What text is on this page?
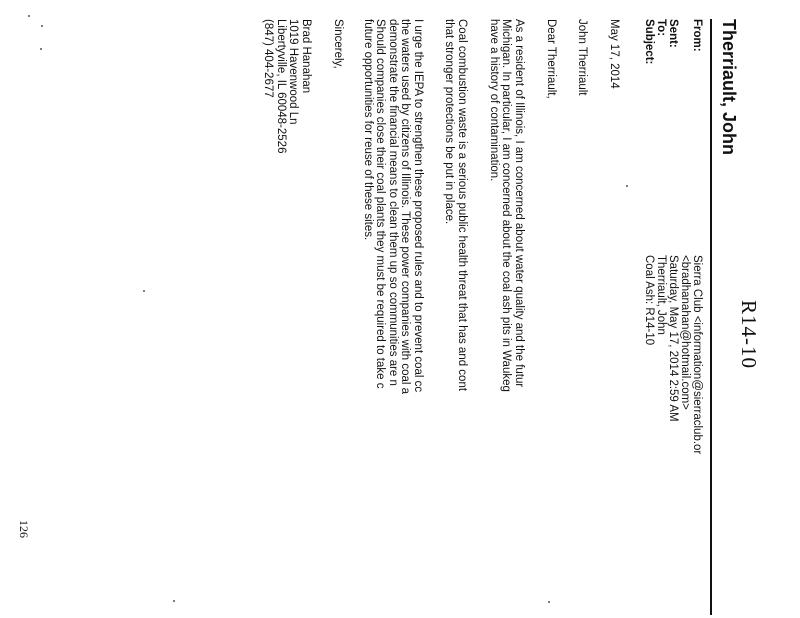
R14-10
Therriault, John
From:
Sierra Club <information@sierraclub.or
<bradhanahan@hotmail.com>
Sent:
Saturday, May 17, 2014 2:59 AM
To:
Therriault, John
Subject:
Coal Ash: R14-10
May 17, 2014
John Therriault
Dear Therriault,
As a resident of Illinois, I am concerned about water quality and the futur
Michigan. In particular, I am concerned about the coal ash pits in Waukeg
have a history of contamination.
Coal combustion waste is a serious public health threat that has and cont
that stronger protections be put in place.
I urge the IEPA to strengthen these proposed rules and to prevent coal cc
the waters used by citizens of Illinois. These power companies with coal a
demonstrate the financial means to clean them up so communities are n
Should companies close their coal plants they must be required to take c
future opportunities for reuse of these sites.
Sincerely,
Brad Hanahan
1019 Havenwood Ln
Libertyville, IL 60048-2526
(847) 404-2677
126
